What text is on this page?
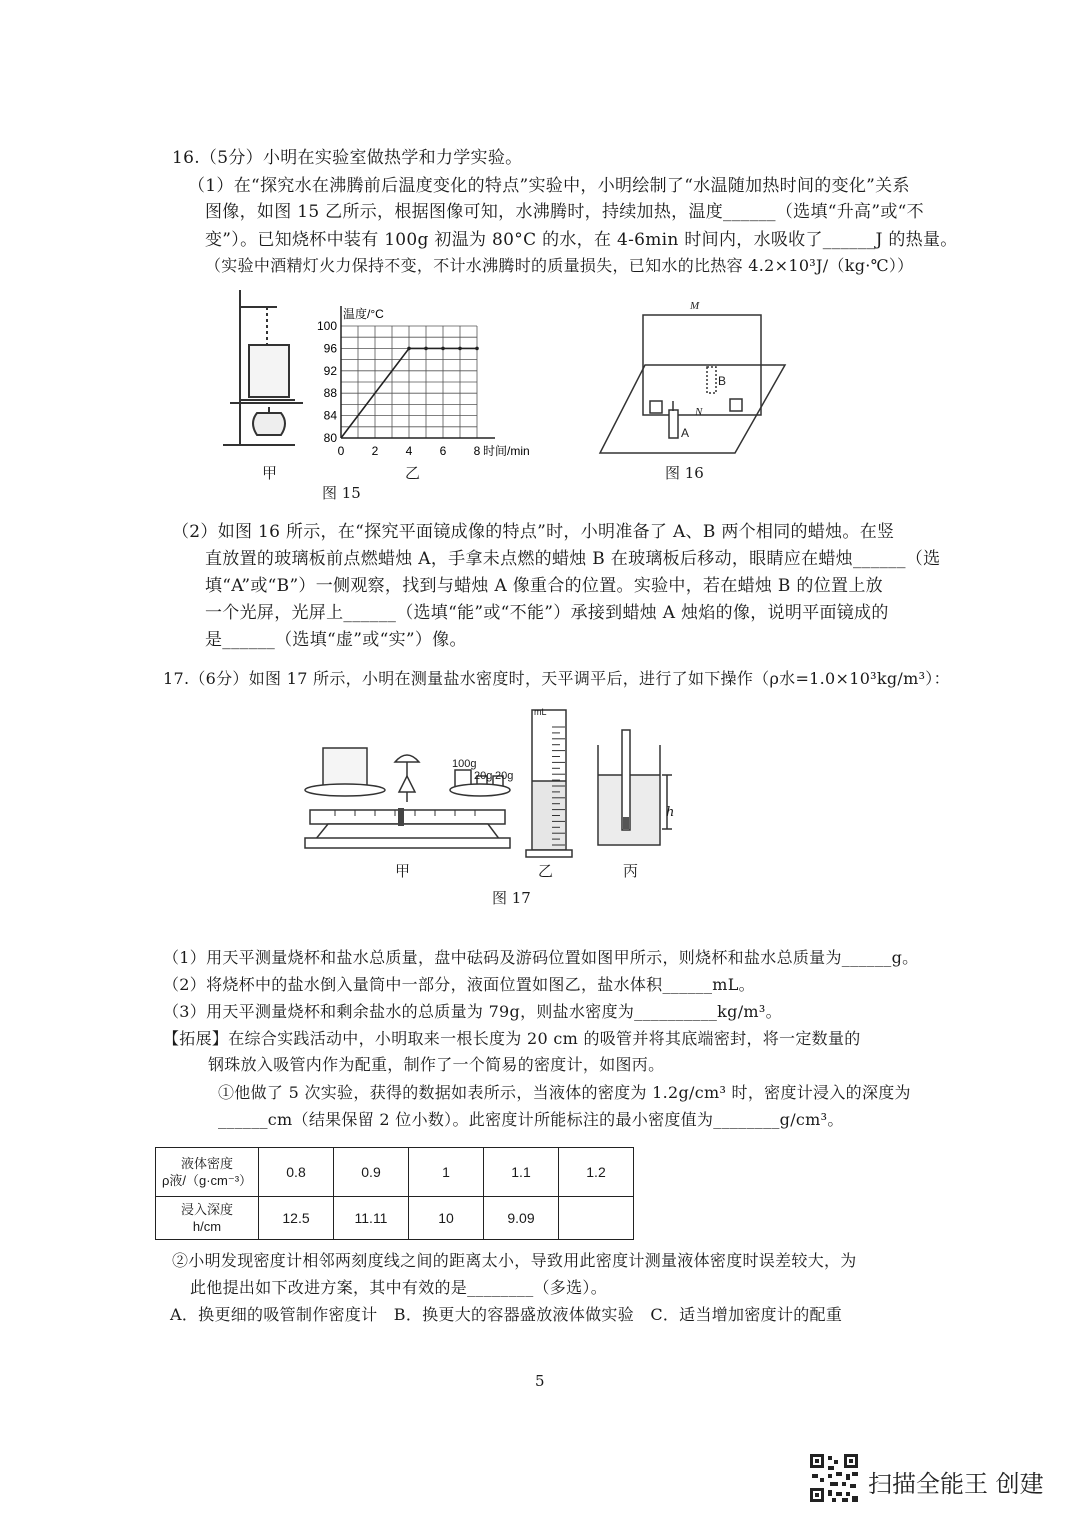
16.（5分）小明在实验室做热学和力学实验。
（1）在“探究水在沸腾前后温度变化的特点”实验中，小明绘制了“水温随加热时间的变化”关系
图像，如图 15 乙所示，根据图像可知，水沸腾时，持续加热，温度______（选填“升高”或“不
变”）。已知烧杯中装有 100g 初温为 80°C 的水，在 4-6min 时间内，水吸收了______J 的热量。
（实验中酒精灯火力保持不变，不计水沸腾时的质量损失，已知水的比热容 4.2×10³J/（kg·℃））
甲
0 2 4 6 8
80
84
88
92
96
100
温度/°C
时间/min
乙
图 15
M
N
A
B
图 16
（2）如图 16 所示，在“探究平面镜成像的特点”时，小明准备了 A、B 两个相同的蜡烛。在竖
直放置的玻璃板前点燃蜡烛 A，手拿未点燃的蜡烛 B 在玻璃板后移动，眼睛应在蜡烛______（选
填“A”或“B”）一侧观察，找到与蜡烛 A 像重合的位置。实验中，若在蜡烛 B 的位置上放
一个光屏，光屏上______（选填“能”或“不能”）承接到蜡烛 A 烛焰的像，说明平面镜成的
是______（选填“虚”或“实”）像。
17.（6分）如图 17 所示，小明在测量盐水密度时，天平调平后，进行了如下操作（ρ水=1.0×10³kg/m³）：
100g
20g 20g
甲
mL
乙
h
丙
图 17
（1）用天平测量烧杯和盐水总质量，盘中砝码及游码位置如图甲所示，则烧杯和盐水总质量为______g。
（2）将烧杯中的盐水倒入量筒中一部分，液面位置如图乙，盐水体积______mL。
（3）用天平测量烧杯和剩余盐水的总质量为 79g，则盐水密度为__________kg/m³。
【拓展】在综合实践活动中，小明取来一根长度为 20 cm 的吸管并将其底端密封，将一定数量的
钢珠放入吸管内作为配重，制作了一个简易的密度计，如图丙。
①他做了 5 次实验，获得的数据如表所示，当液体的密度为 1.2g/cm³ 时，密度计浸入的深度为
______cm（结果保留 2 位小数）。此密度计所能标注的最小密度值为________g/cm³。
液体密度
ρ液/（g·cm⁻³）	0.8	0.9	1	1.1	1.2

浸入深度
h/cm	12.5	11.11	10	9.09	
②小明发现密度计相邻两刻度线之间的距离太小，导致用此密度计测量液体密度时误差较大，为
此他提出如下改进方案，其中有效的是________（多选）。
A．换更细的吸管制作密度计　B．换更大的容器盛放液体做实验　C．适当增加密度计的配重
5
扫描全能王 创建
